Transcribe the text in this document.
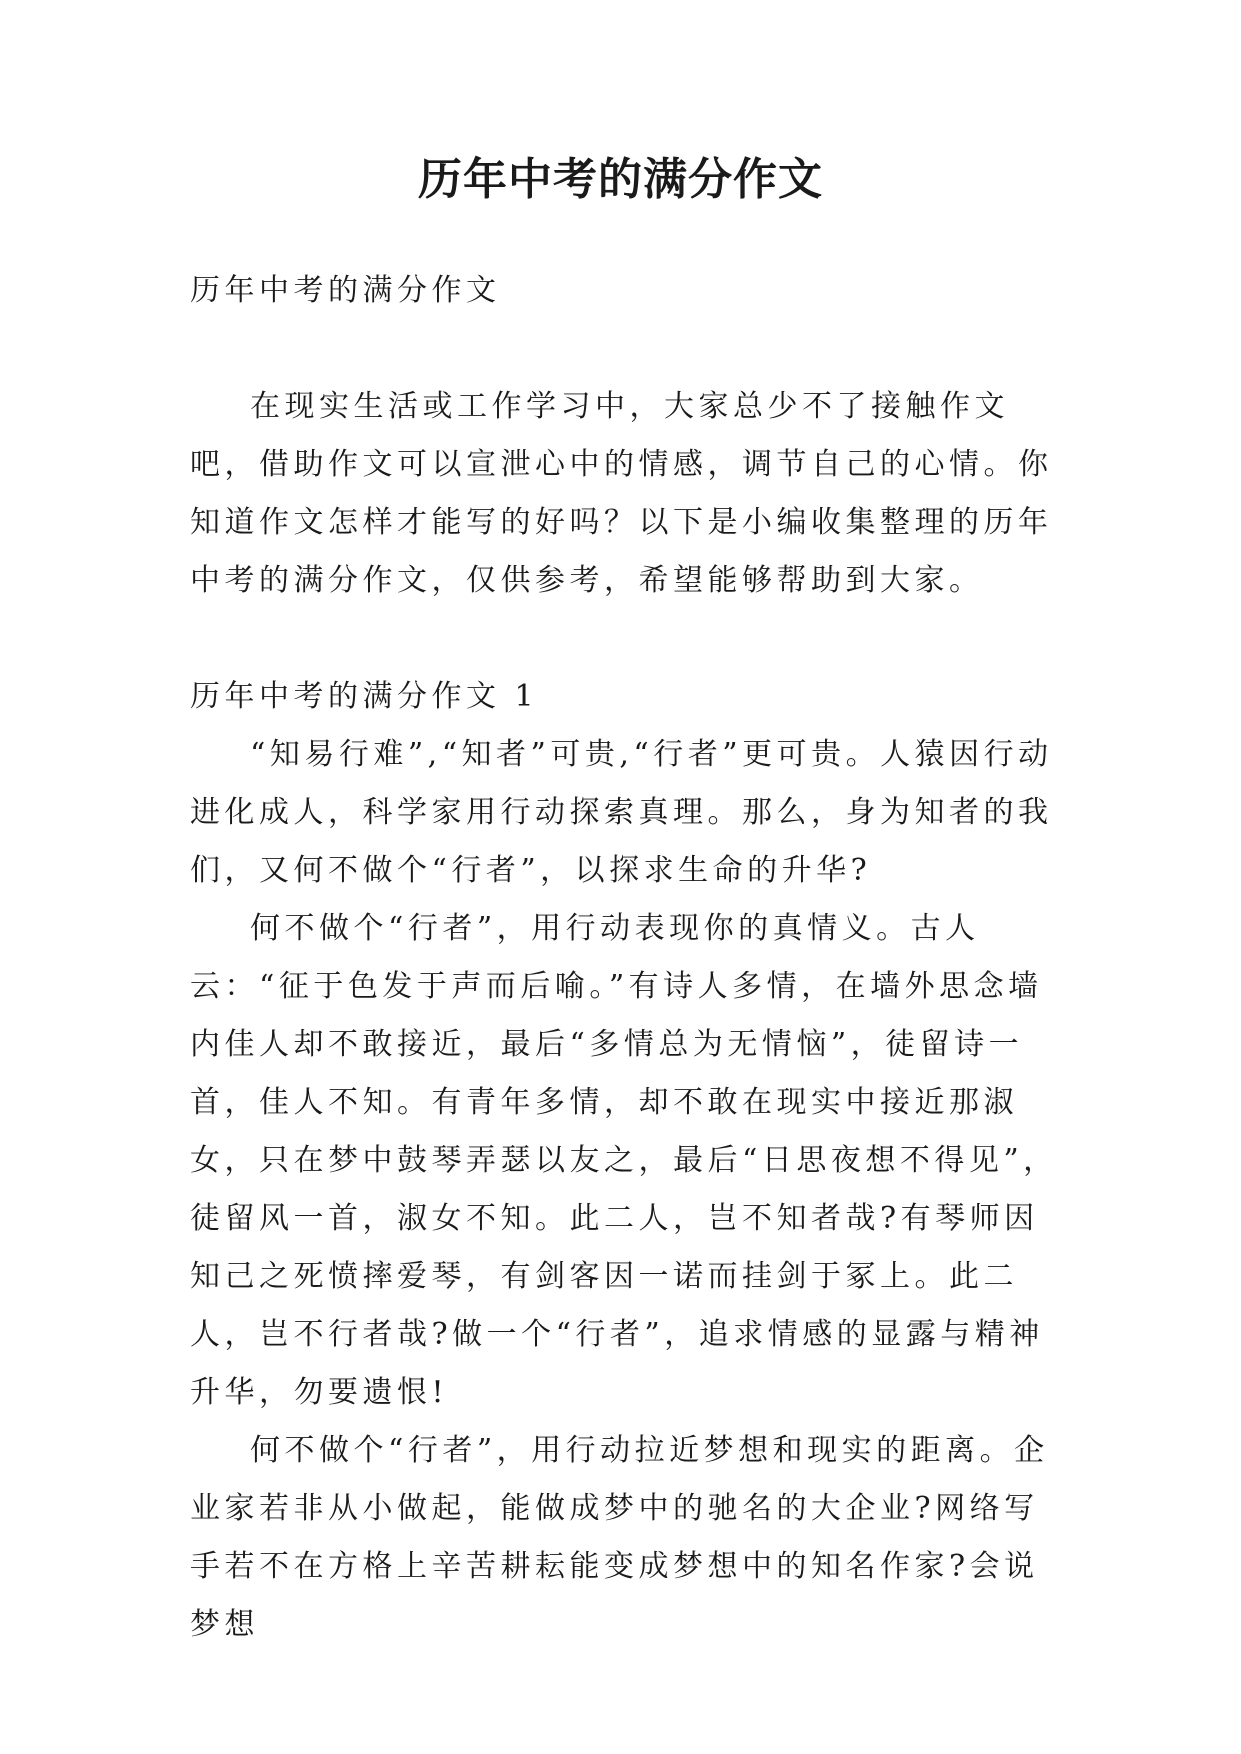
历年中考的满分作文

历年中考的满分作文

在现实生活或工作学习中，大家总少不了接触作文吧，借助作文可以宣泄心中的情感，调节自己的心情。你知道作文怎样才能写的好吗？以下是小编收集整理的历年中考的满分作文，仅供参考，希望能够帮助到大家。

历年中考的满分作文 1

“知易行难”,“知者”可贵,“行者”更可贵。人猿因行动进化成人，科学家用行动探索真理。那么，身为知者的我们，又何不做个“行者”，以探求生命的升华?

何不做个“行者”，用行动表现你的真情义。古人云：“征于色发于声而后喻。”有诗人多情，在墙外思念墙内佳人却不敢接近，最后“多情总为无情恼”，徒留诗一首，佳人不知。有青年多情，却不敢在现实中接近那淑女，只在梦中鼓琴弄瑟以友之，最后“日思夜想不得见”，徒留风一首，淑女不知。此二人，岂不知者哉?有琴师因知己之死愤摔爱琴，有剑客因一诺而挂剑于冢上。此二人，岂不行者哉?做一个“行者”，追求情感的显露与精神升华，勿要遗恨!

何不做个“行者”，用行动拉近梦想和现实的距离。企业家若非从小做起，能做成梦中的驰名的大企业?网络写手若不在方格上辛苦耕耘能变成梦想中的知名作家?会说梦想
